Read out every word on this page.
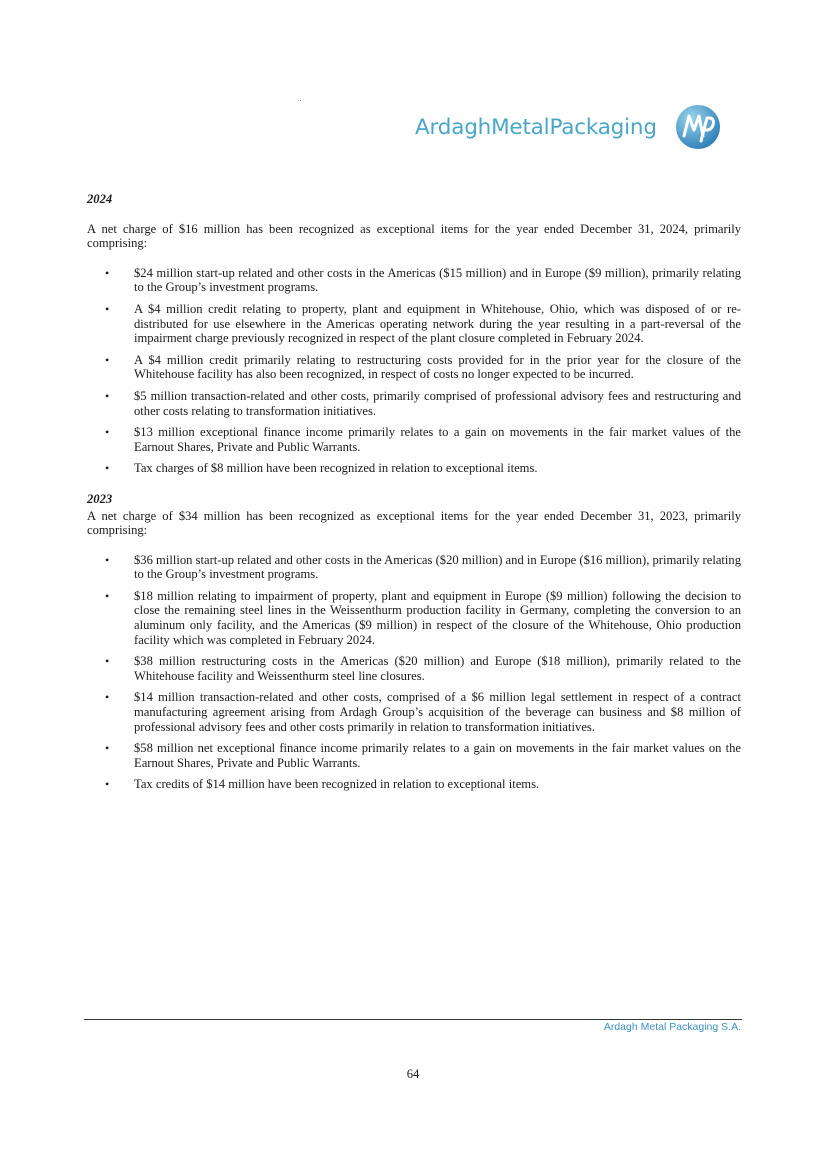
ArdaghMetalPackaging

2024

A net charge of $16 million has been recognized as exceptional items for the year ended December 31, 2024, primarily comprising:

• $24 million start-up related and other costs in the Americas ($15 million) and in Europe ($9 million), primarily relating to the Group’s investment programs.
• A $4 million credit relating to property, plant and equipment in Whitehouse, Ohio, which was disposed of or re-distributed for use elsewhere in the Americas operating network during the year resulting in a part-reversal of the impairment charge previously recognized in respect of the plant closure completed in February 2024.
• A $4 million credit primarily relating to restructuring costs provided for in the prior year for the closure of the Whitehouse facility has also been recognized, in respect of costs no longer expected to be incurred.
• $5 million transaction-related and other costs, primarily comprised of professional advisory fees and restructuring and other costs relating to transformation initiatives.
• $13 million exceptional finance income primarily relates to a gain on movements in the fair market values of the Earnout Shares, Private and Public Warrants.
• Tax charges of $8 million have been recognized in relation to exceptional items.

2023

A net charge of $34 million has been recognized as exceptional items for the year ended December 31, 2023, primarily comprising:

• $36 million start-up related and other costs in the Americas ($20 million) and in Europe ($16 million), primarily relating to the Group’s investment programs.
• $18 million relating to impairment of property, plant and equipment in Europe ($9 million) following the decision to close the remaining steel lines in the Weissenthurm production facility in Germany, completing the conversion to an aluminum only facility, and the Americas ($9 million) in respect of the closure of the Whitehouse, Ohio production facility which was completed in February 2024.
• $38 million restructuring costs in the Americas ($20 million) and Europe ($18 million), primarily related to the Whitehouse facility and Weissenthurm steel line closures.
• $14 million transaction-related and other costs, comprised of a $6 million legal settlement in respect of a contract manufacturing agreement arising from Ardagh Group’s acquisition of the beverage can business and $8 million of professional advisory fees and other costs primarily in relation to transformation initiatives.
• $58 million net exceptional finance income primarily relates to a gain on movements in the fair market values on the Earnout Shares, Private and Public Warrants.
• Tax credits of $14 million have been recognized in relation to exceptional items.
Ardagh Metal Packaging S.A.
64
